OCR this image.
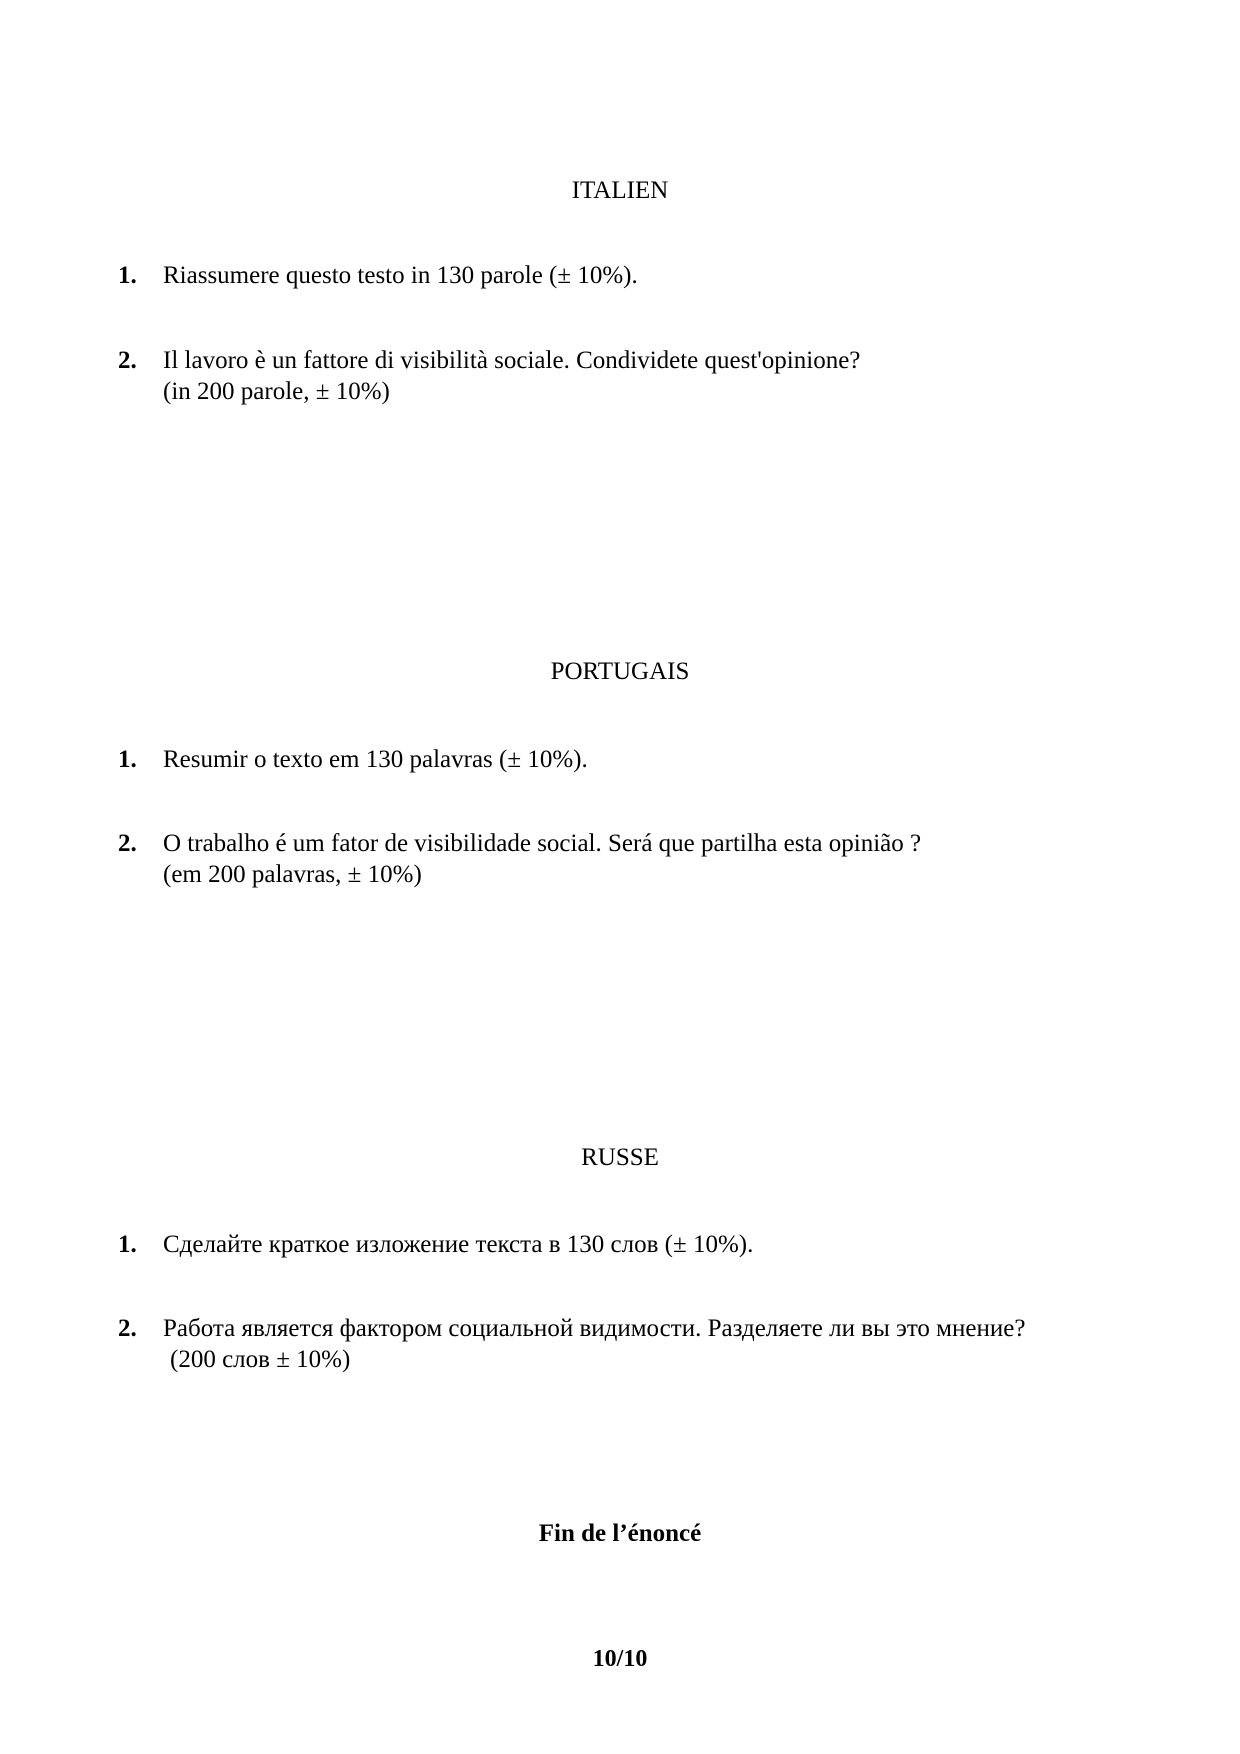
ITALIEN
1. Riassumere questo testo in 130 parole (± 10%).
2. Il lavoro è un fattore di visibilità sociale. Condividete quest'opinione?
(in 200 parole, ± 10%)
PORTUGAIS
1. Resumir o texto em 130 palavras (± 10%).
2. O trabalho é um fator de visibilidade social. Será que partilha esta opinião ?
(em 200 palavras, ± 10%)
RUSSE
1. Сделайте краткое изложение текста в 130 слов (± 10%).
2. Работа является фактором социальной видимости. Разделяете ли вы это мнение?
(200 слов ± 10%)
Fin de l’énoncé
10/10
